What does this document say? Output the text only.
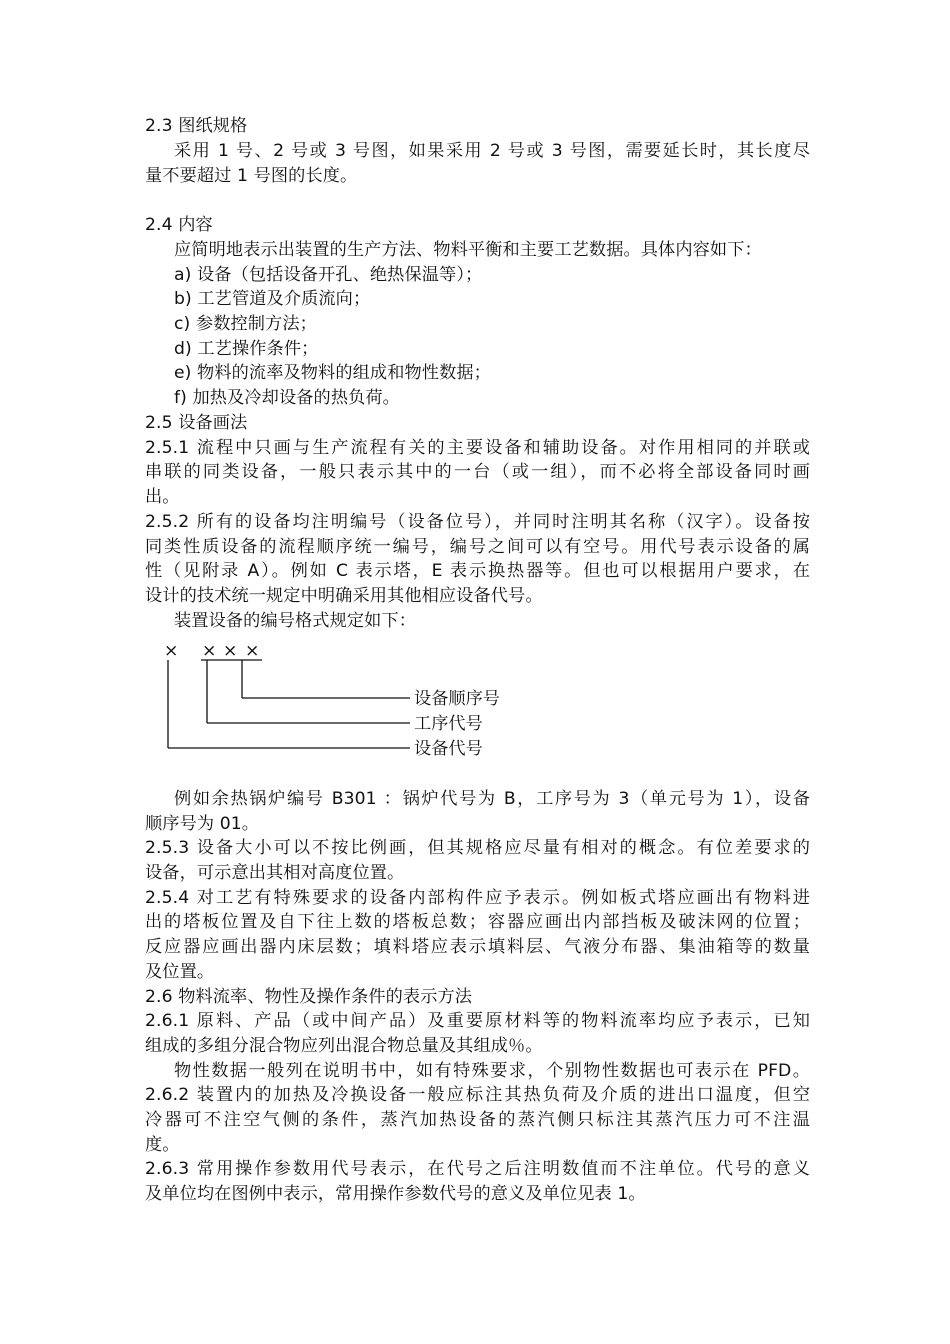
2.3 图纸规格
采用 1 号、2 号或 3 号图，如果采用 2 号或 3 号图，需要延长时，其长度尽
量不要超过 1 号图的长度。
2.4 内容
应简明地表示出装置的生产方法、物料平衡和主要工艺数据。具体内容如下：
a) 设备（包括设备开孔、绝热保温等）；
b) 工艺管道及介质流向；
c) 参数控制方法；
d) 工艺操作条件；
e) 物料的流率及物料的组成和物性数据；
f) 加热及冷却设备的热负荷。
2.5 设备画法
2.5.1 流程中只画与生产流程有关的主要设备和辅助设备。对作用相同的并联或
串联的同类设备，一般只表示其中的一台（或一组），而不必将全部设备同时画
出。
2.5.2 所有的设备均注明编号（设备位号），并同时注明其名称（汉字）。设备按
同类性质设备的流程顺序统一编号，编号之间可以有空号。用代号表示设备的属
性（见附录 A）。例如 C 表示塔，E 表示换热器等。但也可以根据用户要求，在
设计的技术统一规定中明确采用其他相应设备代号。
装置设备的编号格式规定如下：
× × × ×
设备顺序号
工序代号
设备代号
例如余热锅炉编号 B301 ：锅炉代号为 B，工序号为 3（单元号为 1），设备
顺序号为 01。
2.5.3 设备大小可以不按比例画，但其规格应尽量有相对的概念。有位差要求的
设备，可示意出其相对高度位置。
2.5.4 对工艺有特殊要求的设备内部构件应予表示。例如板式塔应画出有物料进
出的塔板位置及自下往上数的塔板总数；容器应画出内部挡板及破沫网的位置；
反应器应画出器内床层数；填料塔应表示填料层、气液分布器、集油箱等的数量
及位置。
2.6 物料流率、物性及操作条件的表示方法
2.6.1 原料、产品（或中间产品）及重要原材料等的物料流率均应予表示，已知
组成的多组分混合物应列出混合物总量及其组成％。
物性数据一般列在说明书中，如有特殊要求，个别物性数据也可表示在 PFD。
2.6.2 装置内的加热及冷换设备一般应标注其热负荷及介质的进出口温度，但空
冷器可不注空气侧的条件，蒸汽加热设备的蒸汽侧只标注其蒸汽压力可不注温
度。
2.6.3 常用操作参数用代号表示，在代号之后注明数值而不注单位。代号的意义
及单位均在图例中表示，常用操作参数代号的意义及单位见表 1。
